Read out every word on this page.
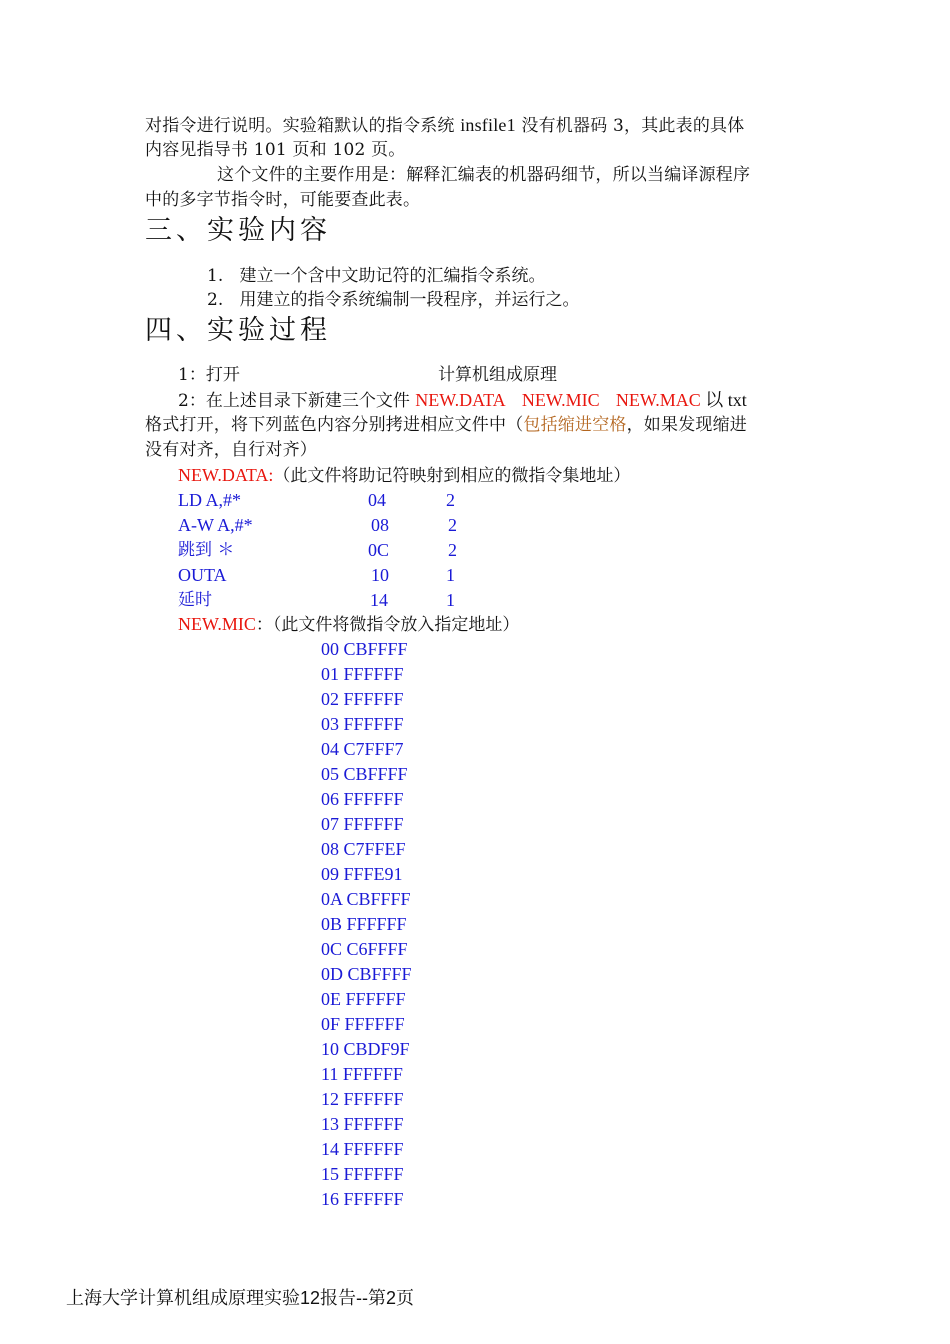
对指令进行说明。实验箱默认的指令系统 insfile1 没有机器码 3，其此表的具体
内容见指导书 101 页和 102 页。
这个文件的主要作用是：解释汇编表的机器码细节，所以当编译源程序
中的多字节指令时，可能要查此表。
三、实验内容
1. 建立一个含中文助记符的汇编指令系统。
2. 用建立的指令系统编制一段程序，并运行之。
四、实验过程
1：打开	计算机组成原理
2：在上述目录下新建三个文件 NEW.DATA NEW.MIC NEW.MAC 以 txt
格式打开，将下列蓝色内容分别拷进相应文件中（包括缩进空格，如果发现缩进
没有对齐，自行对齐）
NEW.DATA:（此文件将助记符映射到相应的微指令集地址）
LD A,#*	04	2
A-W A,#*	08	2
跳到 ＊	0C	2
OUTA	10	1
延时	14	1
NEW.MIC：（此文件将微指令放入指定地址）
00 CBFFFF
01 FFFFFF
02 FFFFFF
03 FFFFFF
04 C7FFF7
05 CBFFFF
06 FFFFFF
07 FFFFFF
08 C7FFEF
09 FFFE91
0A CBFFFF
0B FFFFFF
0C C6FFFF
0D CBFFFF
0E FFFFFF
0F FFFFFF
10 CBDF9F
11 FFFFFF
12 FFFFFF
13 FFFFFF
14 FFFFFF
15 FFFFFF
16 FFFFFF
上海大学计算机组成原理实验12报告--第2页
